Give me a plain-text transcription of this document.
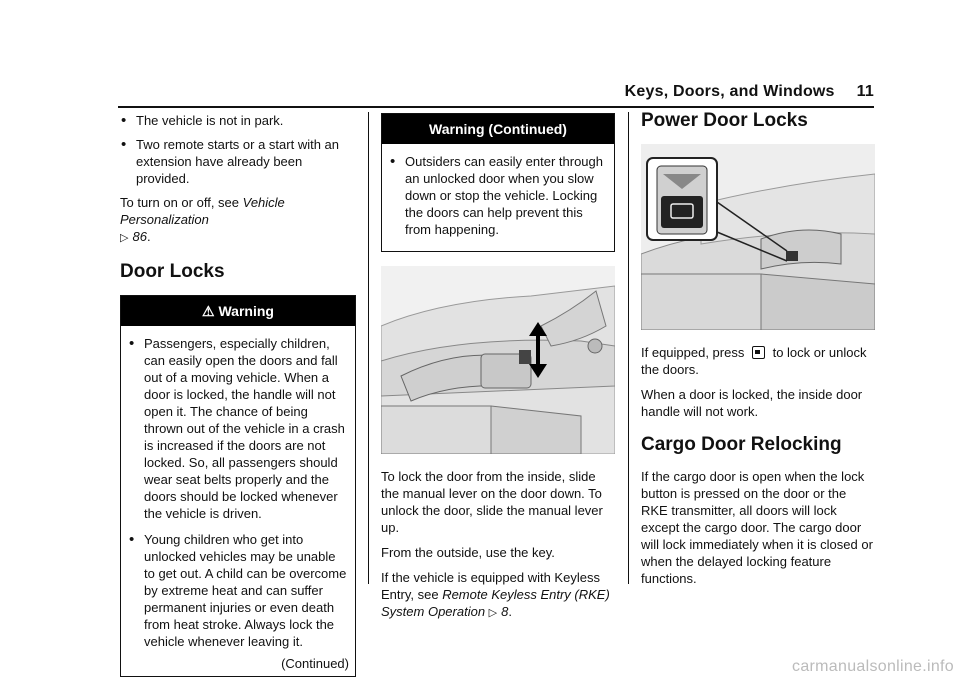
Keys, Doors, and Windows 11
• The vehicle is not in park.
• Two remote starts or a start with an extension have already been provided.

To turn on or off, see Vehicle Personalization
▷ 86.

Door Locks
⚠ Warning
• Passengers, especially children, can easily open the doors and fall out of a moving vehicle. When a door is locked, the handle will not open it. The chance of being thrown out of the vehicle in a crash is increased if the doors are not locked. So, all passengers should wear seat belts properly and the doors should be locked whenever the vehicle is driven.
• Young children who get into unlocked vehicles may be unable to get out. A child can be overcome by extreme heat and can suffer permanent injuries or even death from heat stroke. Always lock the vehicle whenever leaving it.
(Continued)
Warning (Continued)
• Outsiders can easily enter through an unlocked door when you slow down or stop the vehicle. Locking the doors can help prevent this from happening.

To lock the door from the inside, slide the manual lever on the door down. To unlock the door, slide the manual lever up.

From the outside, use the key.

If the vehicle is equipped with Keyless Entry, see Remote Keyless Entry (RKE) System Operation ▷ 8.

Power Door Locks

If equipped, press  to lock or unlock the doors.

When a door is locked, the inside door handle will not work.

Cargo Door Relocking

If the cargo door is open when the lock button is pressed on the door or the RKE transmitter, all doors will lock except the cargo door. The cargo door will lock immediately when it is closed or when the delayed locking feature functions.

carmanualsonline.info
